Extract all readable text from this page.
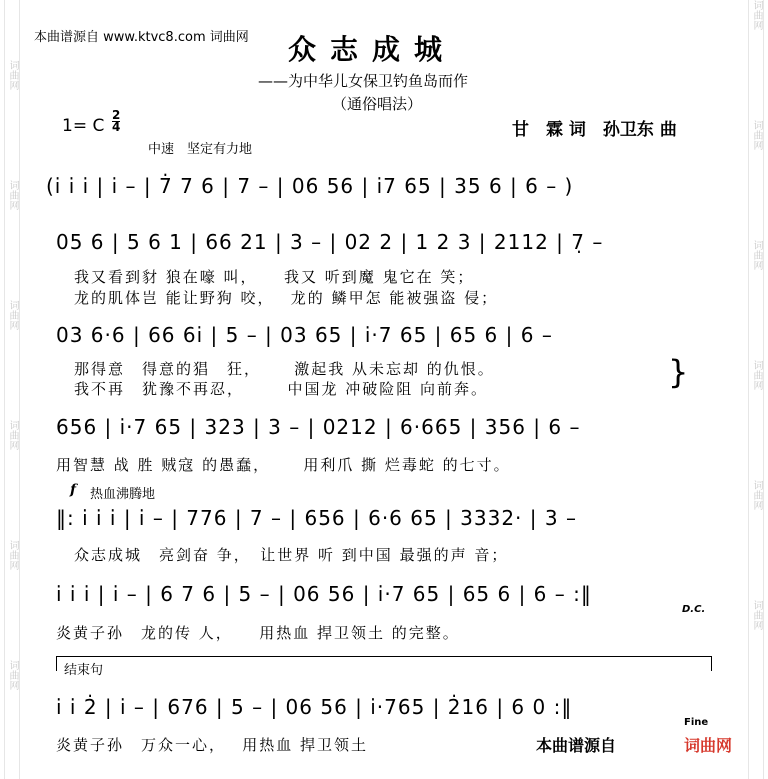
词曲网
词曲网
词曲网
词曲网
词曲网
词曲网
词曲网
词曲网
词曲网
词曲网
词曲网
词曲网
本曲谱源自 www.ktvc8.com 词曲网 众志成城
——为中华儿女保卫钓鱼岛而作
（通俗唱法）
1= C
2
4
中速　坚定有力地
甘　霖 词　孙卫东 曲
(i̇ i̇ i̇ | i̇ – | 7̇ 7 6 | 7 – | 06 56 | i̇7 65 | 35 6 | 6 – )
05 6 | 5 6 1 | 66 21 | 3 – | 02 2 | 1 2 3 | 2112 | 7̣ –
我又看到豺 狼在嚎 叫，　　我又 听到魔 鬼它在 笑；
龙的肌体岂 能让野狗 咬，　 龙的 鳞甲怎 能被强盗 侵；
03 6·6 | 66 6i̇ | 5 – | 03 65 | i̇·7 65 | 65 6 | 6 –
那得意　得意的猖　狂，　　 激起我 从未忘却 的仇恨。
我不再　犹豫不再忍，　　　中国龙 冲破险阻 向前奔。	}
656 | i̇·7 65 | 323 | 3 – | 0212 | 6·665 | 356 | 6 –
用智慧 战 胜 贼寇 的愚蠢，　　 用利爪 撕 烂毒蛇 的七寸。
f 热血沸腾地
‖: i̇ i̇ i̇ | i̇ – | 776 | 7 – | 656 | 6·6 65 | 3332· | 3 –
众志成城　亮剑奋 争，　让世界 听 到中国 最强的声 音；
i̇ i̇ i̇ | i̇ – | 6 7 6 | 5 – | 06 56 | i̇·7 65 | 65 6 | 6 – :‖
D.C.
炎黄子孙　龙的传 人，　　用热血 捍卫领土 的完整。
结束句
i̇ i̇ 2̇ | i̇ – | 676 | 5 – | 06 56 | i̇·765 | 2̇16 | 6 0 :‖
Fine
炎黄子孙　万众一心，　 用热血 捍卫领土	本曲谱源自	词曲网
